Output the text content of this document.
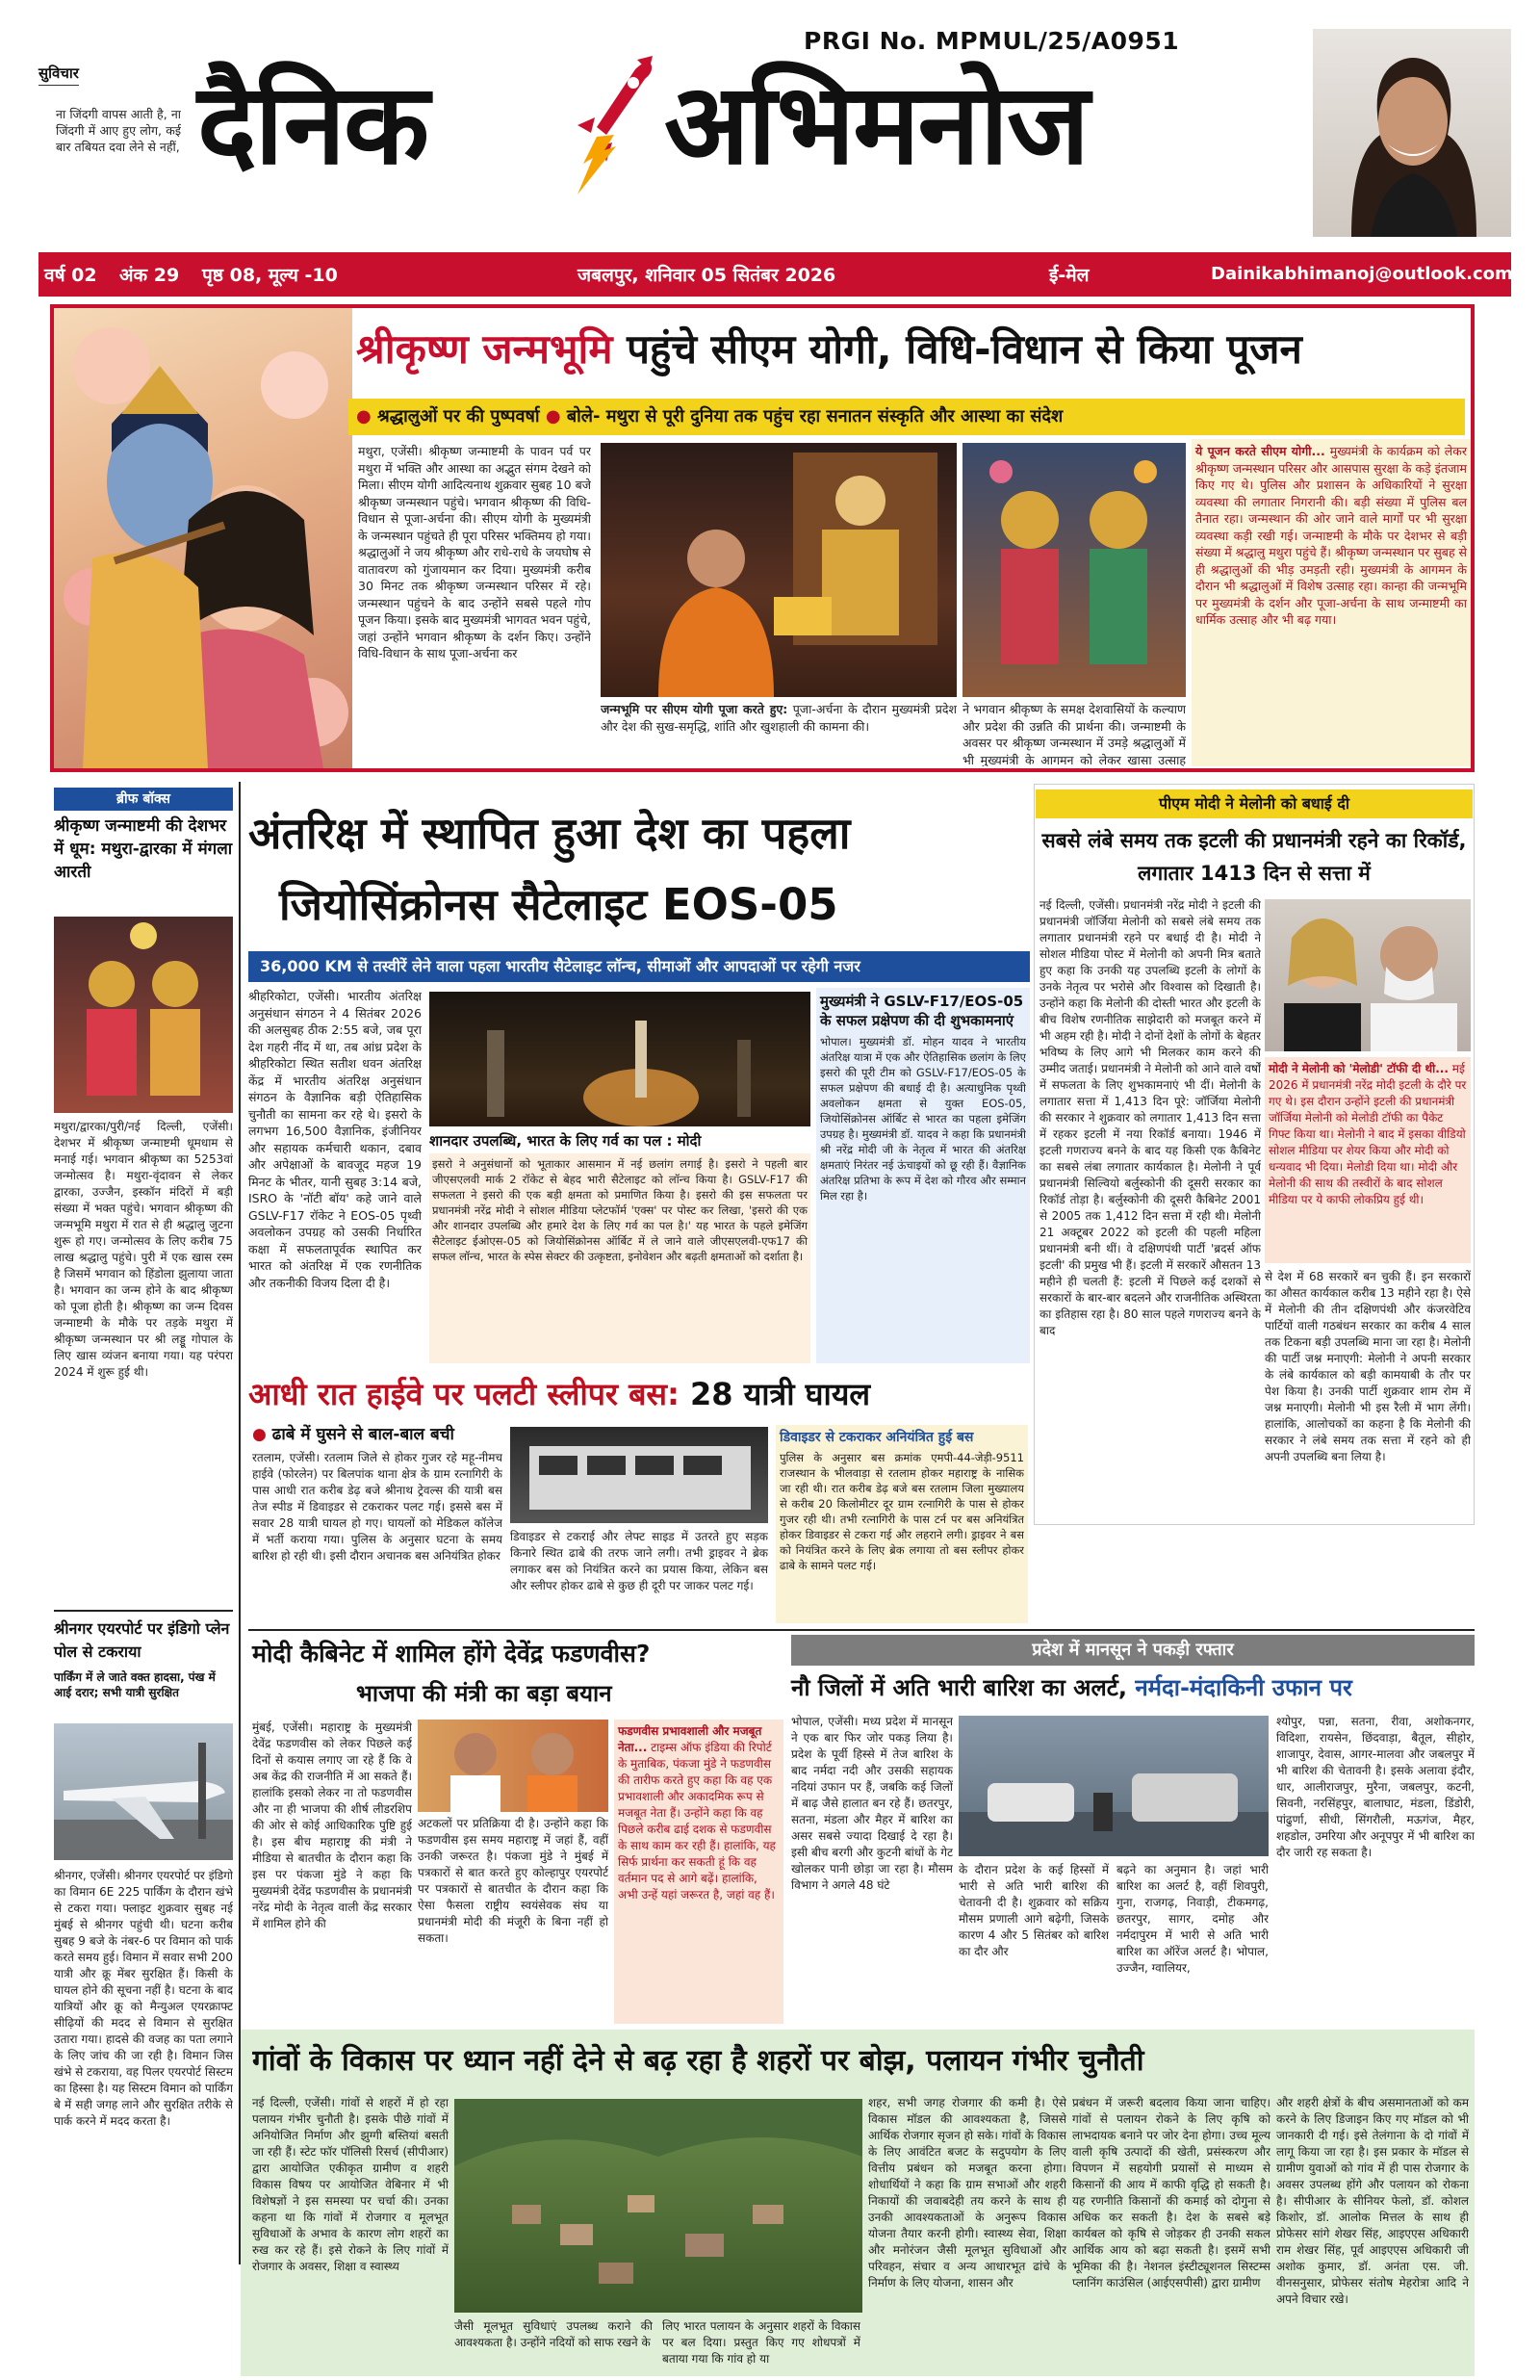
सुविचार
ना जिंदगी वापस आती है, ना जिंदगी में आए हुए लोग, कई बार तबियत दवा लेने से नहीं,
PRGI No. MPMUL/25/A0951
दैनिक अभिमनोज
वर्ष 02 अंक 29 पृष्ठ 08, मूल्य -10	जबलपुर, शनिवार 05 सितंबर 2026	ई-मेल	Dainikabhimanoj@outlook.com
श्रीकृष्ण जन्मभूमि पहुंचे सीएम योगी, विधि-विधान से किया पूजन
● श्रद्धालुओं पर की पुष्पवर्षा ● बोले- मथुरा से पूरी दुनिया तक पहुंच रहा सनातन संस्कृति और आस्था का संदेश
मथुरा, एजेंसी। श्रीकृष्ण जन्माष्टमी के पावन पर्व पर मथुरा में भक्ति और आस्था का अद्भुत संगम देखने को मिला। सीएम योगी आदित्यनाथ शुक्रवार सुबह 10 बजे श्रीकृष्ण जन्मस्थान पहुंचे। भगवान श्रीकृष्ण की विधि-विधान से पूजा-अर्चना की। सीएम योगी के मुख्यमंत्री के जन्मस्थान पहुंचते ही पूरा परिसर भक्तिमय हो गया। श्रद्धालुओं ने जय श्रीकृष्ण और राधे-राधे के जयघोष से वातावरण को गुंजायमान कर दिया। मुख्यमंत्री करीब 30 मिनट तक श्रीकृष्ण जन्मस्थान परिसर में रहे। जन्मस्थान पहुंचने के बाद उन्होंने सबसे पहले गोप पूजन किया। इसके बाद मुख्यमंत्री भागवत भवन पहुंचे, जहां उन्होंने भगवान श्रीकृष्ण के दर्शन किए। उन्होंने विधि-विधान के साथ पूजा-अर्चना कर
जन्मभूमि पर सीएम योगी पूजा करते हुए: पूजा-अर्चना के दौरान मुख्यमंत्री प्रदेश और देश की सुख-समृद्धि, शांति और खुशहाली की कामना की।
ने भगवान श्रीकृष्ण के समक्ष देशवासियों के कल्याण और प्रदेश की उन्नति की प्रार्थना की। जन्माष्टमी के अवसर पर श्रीकृष्ण जन्मस्थान में उमड़े श्रद्धालुओं में भी मुख्यमंत्री के आगमन को लेकर खासा उत्साह
ये पूजन करते सीएम योगी... मुख्यमंत्री के कार्यक्रम को लेकर श्रीकृष्ण जन्मस्थान परिसर और आसपास सुरक्षा के कड़े इंतजाम किए गए थे। पुलिस और प्रशासन के अधिकारियों ने सुरक्षा व्यवस्था की लगातार निगरानी की। बड़ी संख्या में पुलिस बल तैनात रहा। जन्मस्थान की ओर जाने वाले मार्गों पर भी सुरक्षा व्यवस्था कड़ी रखी गई। जन्माष्टमी के मौके पर देशभर से बड़ी संख्या में श्रद्धालु मथुरा पहुंचे हैं। श्रीकृष्ण जन्मस्थान पर सुबह से ही श्रद्धालुओं की भीड़ उमड़ती रही। मुख्यमंत्री के आगमन के दौरान भी श्रद्धालुओं में विशेष उत्साह रहा। कान्हा की जन्मभूमि पर मुख्यमंत्री के दर्शन और पूजा-अर्चना के साथ जन्माष्टमी का धार्मिक उत्साह और भी बढ़ गया।
ब्रीफ बॉक्स
श्रीकृष्ण जन्माष्टमी की देशभर में धूम: मथुरा-द्वारका में मंगला आरती
मथुरा/द्वारका/पुरी/नई दिल्ली, एजेंसी। देशभर में श्रीकृष्ण जन्माष्टमी धूमधाम से मनाई गई। भगवान श्रीकृष्ण का 5253वां जन्मोत्सव है। मथुरा-वृंदावन से लेकर द्वारका, उज्जैन, इस्कॉन मंदिरों में बड़ी संख्या में भक्त पहुंचे। भगवान श्रीकृष्ण की जन्मभूमि मथुरा में रात से ही श्रद्धालु जुटना शुरू हो गए। जन्मोत्सव के लिए करीब 75 लाख श्रद्धालु पहुंचे। पुरी में एक खास रस्म है जिसमें भगवान को हिंडोला झुलाया जाता है। भगवान का जन्म होने के बाद श्रीकृष्ण को पूजा होती है। श्रीकृष्ण का जन्म दिवस जन्माष्टमी के मौके पर तड़के मथुरा में श्रीकृष्ण जन्मस्थान पर श्री लड्डू गोपाल के लिए खास व्यंजन बनाया गया। यह परंपरा 2024 में शुरू हुई थी।
श्रीनगर एयरपोर्ट पर इंडिगो प्लेन पोल से टकराया
पार्किंग में ले जाते वक्त हादसा, पंख में आई दरार; सभी यात्री सुरक्षित
श्रीनगर, एजेंसी। श्रीनगर एयरपोर्ट पर इंडिगो का विमान 6E 225 पार्किंग के दौरान खंभे से टकरा गया। फ्लाइट शुक्रवार सुबह नई मुंबई से श्रीनगर पहुंची थी। घटना करीब सुबह 9 बजे के नंबर-6 पर विमान को पार्क करते समय हुई। विमान में सवार सभी 200 यात्री और क्रू मेंबर सुरक्षित हैं। किसी के घायल होने की सूचना नहीं है। घटना के बाद यात्रियों और क्रू को मैन्युअल एयरक्राफ्ट सीढ़ियों की मदद से विमान से सुरक्षित उतारा गया। हादसे की वजह का पता लगाने के लिए जांच की जा रही है। विमान जिस खंभे से टकराया, वह पिलर एयरपोर्ट सिस्टम का हिस्सा है। यह सिस्टम विमान को पार्किंग बे में सही जगह लाने और सुरक्षित तरीके से पार्क करने में मदद करता है।
अंतरिक्ष में स्थापित हुआ देश का पहला
जियोसिंक्रोनस सैटेलाइट EOS-05
36,000 KM से तस्वीरें लेने वाला पहला भारतीय सैटेलाइट लॉन्च, सीमाओं और आपदाओं पर रहेगी नजर
श्रीहरिकोटा, एजेंसी। भारतीय अंतरिक्ष अनुसंधान संगठन ने 4 सितंबर 2026 की अलसुबह ठीक 2:55 बजे, जब पूरा देश गहरी नींद में था, तब आंध्र प्रदेश के श्रीहरिकोटा स्थित सतीश धवन अंतरिक्ष केंद्र में भारतीय अंतरिक्ष अनुसंधान संगठन के वैज्ञानिक बड़ी ऐतिहासिक चुनौती का सामना कर रहे थे। इसरो के लगभग 16,500 वैज्ञानिक, इंजीनियर और सहायक कर्मचारी थकान, दबाव और अपेक्षाओं के बावजूद महज 19 मिनट के भीतर, यानी सुबह 3:14 बजे, ISRO के 'नॉटी बॉय' कहे जाने वाले GSLV-F17 रॉकेट ने EOS-05 पृथ्वी अवलोकन उपग्रह को उसकी निर्धारित कक्षा में सफलतापूर्वक स्थापित कर भारत को अंतरिक्ष में एक रणनीतिक और तकनीकी विजय दिला दी है।
शानदार उपलब्धि, भारत के लिए गर्व का पल : मोदी
इसरो ने अनुसंधानों को भूताकार आसमान में नई छलांग लगाई है। इसरो ने पहली बार जीएसएलवी मार्क 2 रॉकेट से बेहद भारी सैटेलाइट को लॉन्च किया है। GSLV-F17 की सफलता ने इसरो की एक बड़ी क्षमता को प्रमाणित किया है। इसरो की इस सफलता पर प्रधानमंत्री नरेंद्र मोदी ने सोशल मीडिया प्लेटफॉर्म 'एक्स' पर पोस्ट कर लिखा, 'इसरो की एक और शानदार उपलब्धि और हमारे देश के लिए गर्व का पल है।' यह भारत के पहले इमेजिंग सैटेलाइट ईओएस-05 को जियोसिंक्रोनस ऑर्बिट में ले जाने वाले जीएसएलवी-एफ17 की सफल लॉन्च, भारत के स्पेस सेक्टर की उत्कृष्टता, इनोवेशन और बढ़ती क्षमताओं को दर्शाता है।
मुख्यमंत्री ने GSLV-F17/EOS-05 के सफल प्रक्षेपण की दी शुभकामनाएं
भोपाल। मुख्यमंत्री डॉ. मोहन यादव ने भारतीय अंतरिक्ष यात्रा में एक और ऐतिहासिक छलांग के लिए इसरो की पूरी टीम को GSLV-F17/EOS-05 के सफल प्रक्षेपण की बधाई दी है। अत्याधुनिक पृथ्वी अवलोकन क्षमता से युक्त EOS-05, जियोसिंक्रोनस ऑर्बिट से भारत का पहला इमेजिंग उपग्रह है। मुख्यमंत्री डॉ. यादव ने कहा कि प्रधानमंत्री श्री नरेंद्र मोदी जी के नेतृत्व में भारत की अंतरिक्ष क्षमताएं निरंतर नई ऊंचाइयों को छू रही हैं। वैज्ञानिक अंतरिक्ष प्रतिभा के रूप में देश को गौरव और सम्मान मिल रहा है।
पीएम मोदी ने मेलोनी को बधाई दी
सबसे लंबे समय तक इटली की प्रधानमंत्री रहने का रिकॉर्ड, लगातार 1413 दिन से सत्ता में
नई दिल्ली, एजेंसी। प्रधानमंत्री नरेंद्र मोदी ने इटली की प्रधानमंत्री जॉर्जिया मेलोनी को सबसे लंबे समय तक लगातार प्रधानमंत्री रहने पर बधाई दी है। मोदी ने सोशल मीडिया पोस्ट में मेलोनी को अपनी मित्र बताते हुए कहा कि उनकी यह उपलब्धि इटली के लोगों के उनके नेतृत्व पर भरोसे और विश्वास को दिखाती है। उन्होंने कहा कि मेलोनी की दोस्ती भारत और इटली के बीच विशेष रणनीतिक साझेदारी को मजबूत करने में भी अहम रही है। मोदी ने दोनों देशों के लोगों के बेहतर भविष्य के लिए आगे भी मिलकर काम करने की उम्मीद जताई। प्रधानमंत्री ने मेलोनी को आने वाले वर्षों में सफलता के लिए शुभकामनाएं भी दीं। मेलोनी के लगातार सत्ता में 1,413 दिन पूरे: जॉर्जिया मेलोनी की सरकार ने शुक्रवार को लगातार 1,413 दिन सत्ता में रहकर इटली में नया रिकॉर्ड बनाया। 1946 में इटली गणराज्य बनने के बाद यह किसी एक कैबिनेट का सबसे लंबा लगातार कार्यकाल है। मेलोनी ने पूर्व प्रधानमंत्री सिल्वियो बर्लुस्कोनी की दूसरी सरकार का रिकॉर्ड तोड़ा है। बर्लुस्कोनी की दूसरी कैबिनेट 2001 से 2005 तक 1,412 दिन सत्ता में रही थी। मेलोनी 21 अक्टूबर 2022 को इटली की पहली महिला प्रधानमंत्री बनी थीं। वे दक्षिणपंथी पार्टी 'ब्रदर्स ऑफ इटली' की प्रमुख भी हैं। इटली में सरकारें औसतन 13 महीने ही चलती हैं: इटली में पिछले कई दशकों से सरकारों के बार-बार बदलने और राजनीतिक अस्थिरता का इतिहास रहा है। 80 साल पहले गणराज्य बनने के बाद
मोदी ने मेलोनी को 'मेलोडी' टॉफी दी थी... मई 2026 में प्रधानमंत्री नरेंद्र मोदी इटली के दौरे पर गए थे। इस दौरान उन्होंने इटली की प्रधानमंत्री जॉर्जिया मेलोनी को मेलोडी टॉफी का पैकेट गिफ्ट किया था। मेलोनी ने बाद में इसका वीडियो सोशल मीडिया पर शेयर किया और मोदी को धन्यवाद भी दिया। मेलोडी दिया था। मोदी और मेलोनी की साथ की तस्वीरों के बाद सोशल मीडिया पर ये काफी लोकप्रिय हुई थी।
से देश में 68 सरकारें बन चुकी हैं। इन सरकारों का औसत कार्यकाल करीब 13 महीने रहा है। ऐसे में मेलोनी की तीन दक्षिणपंथी और कंजरवेटिव पार्टियों वाली गठबंधन सरकार का करीब 4 साल तक टिकना बड़ी उपलब्धि माना जा रहा है। मेलोनी की पार्टी जश्न मनाएगी: मेलोनी ने अपनी सरकार के लंबे कार्यकाल को बड़ी कामयाबी के तौर पर पेश किया है। उनकी पार्टी शुक्रवार शाम रोम में जश्न मनाएगी। मेलोनी भी इस रैली में भाग लेंगी। हालांकि, आलोचकों का कहना है कि मेलोनी की सरकार ने लंबे समय तक सत्ता में रहने को ही अपनी उपलब्धि बना लिया है।
आधी रात हाईवे पर पलटी स्लीपर बस: 28 यात्री घायल
● ढाबे में घुसने से बाल-बाल बची
रतलाम, एजेंसी। रतलाम जिले से होकर गुजर रहे महू-नीमच हाईवे (फोरलेन) पर बिलपांक थाना क्षेत्र के ग्राम रत्नागिरी के पास आधी रात करीब डेढ़ बजे श्रीनाथ ट्रेवल्स की यात्री बस तेज स्पीड में डिवाइडर से टकराकर पलट गई। इससे बस में सवार 28 यात्री घायल हो गए। घायलों को मेडिकल कॉलेज में भर्ती कराया गया। पुलिस के अनुसार घटना के समय बारिश हो रही थी। इसी दौरान अचानक बस अनियंत्रित होकर
डिवाइडर से टकराई और लेफ्ट साइड में उतरते हुए सड़क किनारे स्थित ढाबे की तरफ जाने लगी। तभी ड्राइवर ने ब्रेक लगाकर बस को नियंत्रित करने का प्रयास किया, लेकिन बस और स्लीपर होकर ढाबे से कुछ ही दूरी पर जाकर पलट गई।
डिवाइडर से टकराकर अनियंत्रित हुई बस
पुलिस के अनुसार बस क्रमांक एमपी-44-जेड़ी-9511 राजस्थान के भीलवाड़ा से रतलाम होकर महाराष्ट्र के नासिक जा रही थी। रात करीब डेढ़ बजे बस रतलाम जिला मुख्यालय से करीब 20 किलोमीटर दूर ग्राम रत्नागिरी के पास से होकर गुजर रही थी। तभी रत्नागिरी के पास टर्न पर बस अनियंत्रित होकर डिवाइडर से टकरा गई और लहराने लगी। ड्राइवर ने बस को नियंत्रित करने के लिए ब्रेक लगाया तो बस स्लीपर होकर ढाबे के सामने पलट गई।
मोदी कैबिनेट में शामिल होंगे देवेंद्र फडणवीस?
भाजपा की मंत्री का बड़ा बयान
मुंबई, एजेंसी। महाराष्ट्र के मुख्यमंत्री देवेंद्र फडणवीस को लेकर पिछले कई दिनों से कयास लगाए जा रहे हैं कि वे अब केंद्र की राजनीति में आ सकते हैं। हालांकि इसको लेकर ना तो फडणवीस और ना ही भाजपा की शीर्ष लीडरशिप की ओर से कोई आधिकारिक पुष्टि हुई है। इस बीच महाराष्ट्र की मंत्री ने मीडिया से बातचीत के दौरान कहा कि इस पर पंकजा मुंडे ने कहा कि मुख्यमंत्री देवेंद्र फडणवीस के प्रधानमंत्री नरेंद्र मोदी के नेतृत्व वाली केंद्र सरकार में शामिल होने की
अटकलों पर प्रतिक्रिया दी है। उन्होंने कहा कि फडणवीस इस समय महाराष्ट्र में जहां हैं, वहीं उनकी जरूरत है। पंकजा मुंडे ने मुंबई में पत्रकारों से बात करते हुए कोल्हापुर एयरपोर्ट पर पत्रकारों से बातचीत के दौरान कहा कि ऐसा फैसला राष्ट्रीय स्वयंसेवक संघ या प्रधानमंत्री मोदी की मंजूरी के बिना नहीं हो सकता।
फडणवीस प्रभावशाली और मजबूत नेता... टाइम्स ऑफ इंडिया की रिपोर्ट के मुताबिक, पंकजा मुंडे ने फडणवीस की तारीफ करते हुए कहा कि वह एक प्रभावशाली और अकादमिक रूप से मजबूत नेता हैं। उन्होंने कहा कि वह पिछले करीब ढाई दशक से फडणवीस के साथ काम कर रही हैं। हालांकि, यह सिर्फ प्रार्थना कर सकती हूं कि वह वर्तमान पद से आगे बढ़ें। हालांकि, अभी उन्हें यहां जरूरत है, जहां वह हैं।
प्रदेश में मानसून ने पकड़ी रफ्तार
नौ जिलों में अति भारी बारिश का अलर्ट, नर्मदा-मंदाकिनी उफान पर
भोपाल, एजेंसी। मध्य प्रदेश में मानसून ने एक बार फिर जोर पकड़ लिया है। प्रदेश के पूर्वी हिस्से में तेज बारिश के बाद नर्मदा नदी और उसकी सहायक नदियां उफान पर हैं, जबकि कई जिलों में बाढ़ जैसे हालात बन रहे हैं। छतरपुर, सतना, मंडला और मैहर में बारिश का असर सबसे ज्यादा दिखाई दे रहा है। इसी बीच बरगी और कुटनी बांधों के गेट खोलकर पानी छोड़ा जा रहा है। मौसम विभाग ने अगले 48 घंटे
के दौरान प्रदेश के कई हिस्सों में भारी से अति भारी बारिश की चेतावनी दी है। शुक्रवार को सक्रिय मौसम प्रणाली आगे बढ़ेगी, जिसके कारण 4 और 5 सितंबर को बारिश का दौर और
बढ़ने का अनुमान है। जहां भारी बारिश का अलर्ट है, वहीं शिवपुरी, गुना, राजगढ़, निवाड़ी, टीकमगढ़, छतरपुर, सागर, दमोह और नर्मदापुरम में भारी से अति भारी बारिश का ऑरेंज अलर्ट है। भोपाल, उज्जैन, ग्वालियर,
श्योपुर, पन्ना, सतना, रीवा, अशोकनगर, विदिशा, रायसेन, छिंदवाड़ा, बैतूल, सीहोर, शाजापुर, देवास, आगर-मालवा और जबलपुर में भी बारिश की चेतावनी है। इसके अलावा इंदौर, धार, आलीराजपुर, मुरैना, जबलपुर, कटनी, सिवनी, नरसिंहपुर, बालाघाट, मंडला, डिंडोरी, पांढुर्णा, सीधी, सिंगरौली, मऊगंज, मैहर, शहडोल, उमरिया और अनूपपुर में भी बारिश का दौर जारी रह सकता है।
गांवों के विकास पर ध्यान नहीं देने से बढ़ रहा है शहरों पर बोझ, पलायन गंभीर चुनौती
नई दिल्ली, एजेंसी। गांवों से शहरों में हो रहा पलायन गंभीर चुनौती है। इसके पीछे गांवों में अनियोजित निर्माण और झुग्गी बस्तियां बसती जा रही हैं। स्टेट फॉर पॉलिसी रिसर्च (सीपीआर) द्वारा आयोजित एकीकृत ग्रामीण व शहरी विकास विषय पर आयोजित वेबिनार में भी विशेषज्ञों ने इस समस्या पर चर्चा की। उनका कहना था कि गांवों में रोजगार व मूलभूत सुविधाओं के अभाव के कारण लोग शहरों का रुख कर रहे हैं। इसे रोकने के लिए गांवों में रोजगार के अवसर, शिक्षा व स्वास्थ्य
जैसी मूलभूत सुविधाएं उपलब्ध कराने की आवश्यकता है। उन्होंने नदियों को साफ रखने के
लिए भारत पलायन के अनुसार शहरों के विकास पर बल दिया। प्रस्तुत किए गए शोधपत्रों में बताया गया कि गांव हो या
शहर, सभी जगह रोजगार की कमी है। ऐसे विकास मॉडल की आवश्यकता है, जिससे आर्थिक रोजगार सृजन हो सके। गांवों के विकास के लिए आवंटित बजट के सदुपयोग के लिए वित्तीय प्रबंधन को मजबूत करना होगा। शोधार्थियों ने कहा कि ग्राम सभाओं और शहरी निकायों की जवाबदेही तय करने के साथ ही उनकी आवश्यकताओं के अनुरूप विकास योजना तैयार करनी होगी। स्वास्थ्य सेवा, शिक्षा और मनोरंजन जैसी मूलभूत सुविधाओं और परिवहन, संचार व अन्य आधारभूत ढांचे के निर्माण के लिए योजना, शासन और
प्रबंधन में जरूरी बदलाव किया जाना चाहिए। गांवों से पलायन रोकने के लिए कृषि को लाभदायक बनाने पर जोर देना होगा। उच्च मूल्य वाली कृषि उत्पादों की खेती, प्रसंस्करण और विपणन में सहयोगी प्रयासों से माध्यम से किसानों की आय में काफी वृद्धि हो सकती है। यह रणनीति किसानों की कमाई को दोगुना से अधिक कर सकती है। देश के सबसे बड़े कार्यबल को कृषि से जोड़कर ही उनकी सकल आर्थिक आय को बढ़ा सकती है। इसमें सभी भूमिका की है। नेशनल इंस्टीट्यूशनल सिस्टम्स प्लानिंग काउंसिल (आईएसपीसी) द्वारा ग्रामीण
और शहरी क्षेत्रों के बीच असमानताओं को कम करने के लिए डिजाइन किए गए मॉडल को भी जानकारी दी गई। इसे तेलंगाना के दो गांवों में लागू किया जा रहा है। इस प्रकार के मॉडल से ग्रामीण युवाओं को गांव में ही पास रोजगार के अवसर उपलब्ध होंगे और पलायन को रोकना है। सीपीआर के सीनियर फेलो, डॉ. कोशल किशोर, डॉ. आलोक मित्तल के साथ ही प्रोफेसर सांगे शेखर सिंह, आइएएस अधिकारी राम शेखर सिंह, पूर्व आइएएस अधिकारी जी अशोक कुमार, डॉ. अनंता एस. जी. वीनसनुसार, प्रोफेसर संतोष मेहरोत्रा आदि ने अपने विचार रखे।
